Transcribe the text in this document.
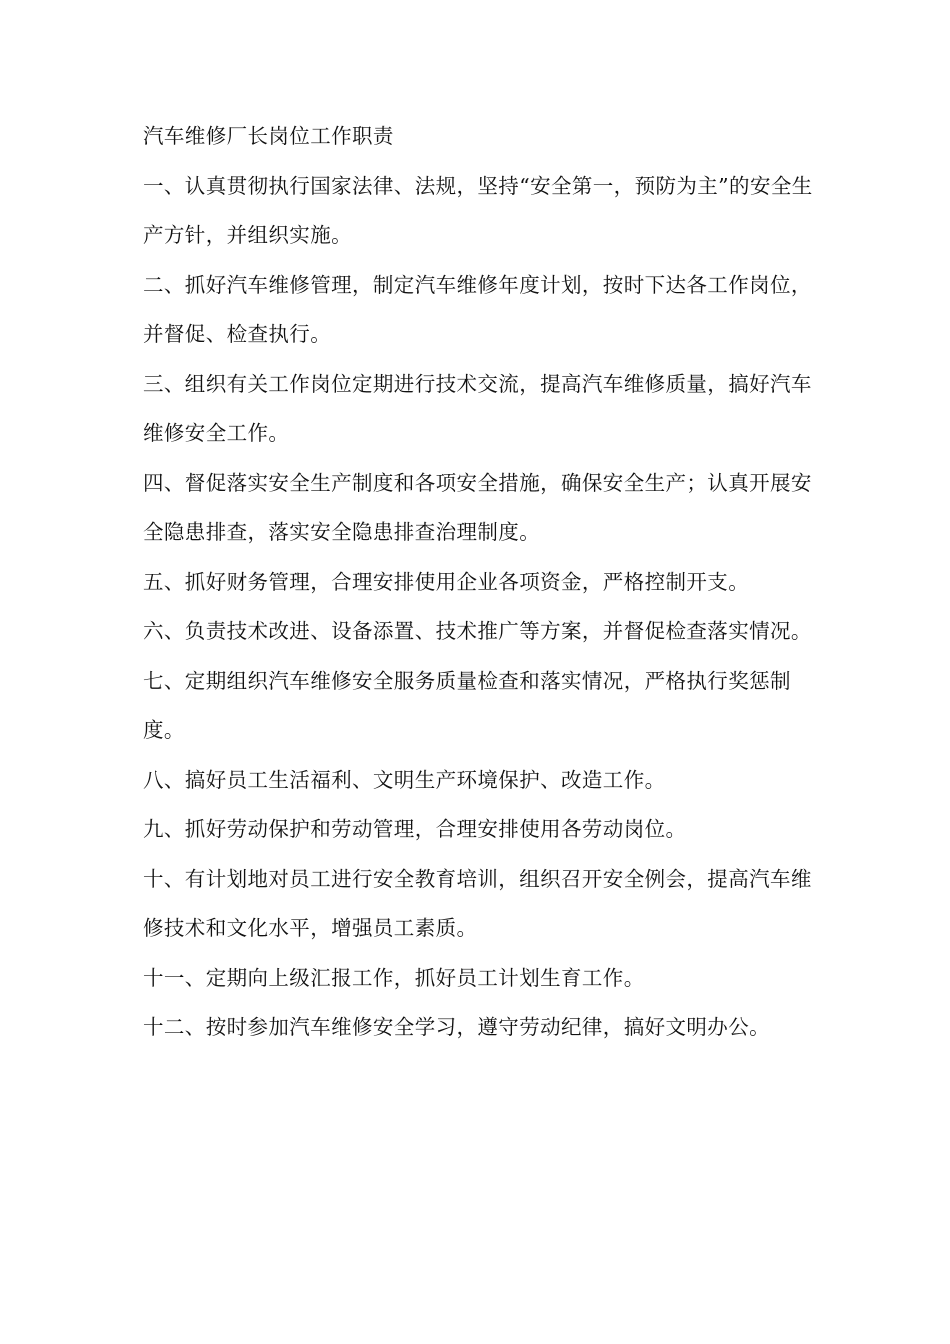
汽车维修厂长岗位工作职责
一、认真贯彻执行国家法律、法规，坚持“安全第一，预防为主”的安全生产方针，并组织实施。
二、抓好汽车维修管理，制定汽车维修年度计划，按时下达各工作岗位，并督促、检查执行。
三、组织有关工作岗位定期进行技术交流，提高汽车维修质量，搞好汽车维修安全工作。
四、督促落实安全生产制度和各项安全措施，确保安全生产；认真开展安全隐患排查，落实安全隐患排查治理制度。
五、抓好财务管理，合理安排使用企业各项资金，严格控制开支。
六、负责技术改进、设备添置、技术推广等方案，并督促检查落实情况。
七、定期组织汽车维修安全服务质量检查和落实情况，严格执行奖惩制度。
八、搞好员工生活福利、文明生产环境保护、改造工作。
九、抓好劳动保护和劳动管理，合理安排使用各劳动岗位。
十、有计划地对员工进行安全教育培训，组织召开安全例会，提高汽车维修技术和文化水平，增强员工素质。
十一、定期向上级汇报工作，抓好员工计划生育工作。
十二、按时参加汽车维修安全学习，遵守劳动纪律，搞好文明办公。
